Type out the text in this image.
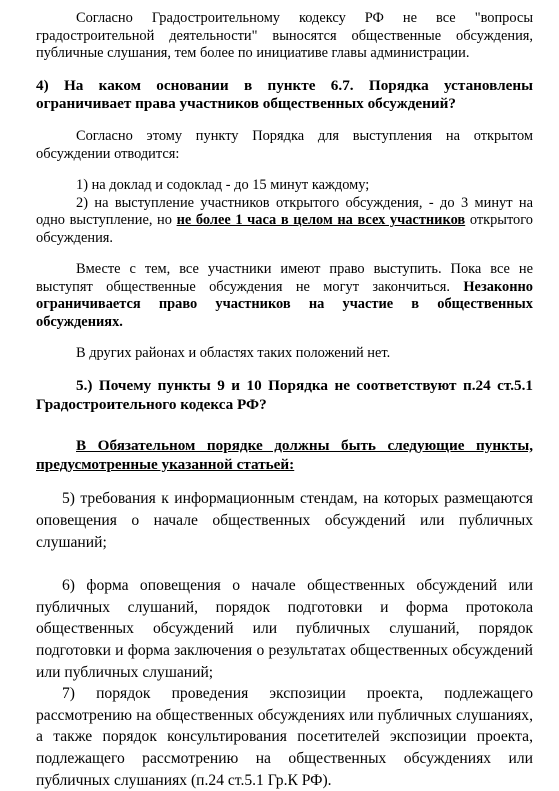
Согласно Градостроительному кодексу РФ не все "вопросы градостроительной деятельности" выносятся общественные обсуждения, публичные слушания, тем более по инициативе главы администрации.

4) На каком основании в пункте 6.7. Порядка установлены ограничивает права участников общественных обсуждений?

Согласно этому пункту Порядка для выступления на открытом обсуждении отводится:

1) на доклад и содоклад - до 15 минут каждому;

2) на выступление участников открытого обсуждения, - до 3 минут на одно выступление, но не более 1 часа в целом на всех участников открытого обсуждения.

Вместе с тем, все участники имеют право выступить. Пока все не выступят общественные обсуждения не могут закончиться. Незаконно ограничивается право участников на участие в общественных обсуждениях.

В других районах и областях таких положений нет.

5.) Почему пункты 9 и 10 Порядка не соответствуют п.24 ст.5.1 Градостроительного кодекса РФ?

В Обязательном порядке должны быть следующие пункты, предусмотренные указанной статьей:

5) требования к информационным стендам, на которых размещаются оповещения о начале общественных обсуждений или публичных слушаний;

6) форма оповещения о начале общественных обсуждений или публичных слушаний, порядок подготовки и форма протокола общественных обсуждений или публичных слушаний, порядок подготовки и форма заключения о результатах общественных обсуждений или публичных слушаний;

7) порядок проведения экспозиции проекта, подлежащего рассмотрению на общественных обсуждениях или публичных слушаниях, а также порядок консультирования посетителей экспозиции проекта, подлежащего рассмотрению на общественных обсуждениях или публичных слушаниях (п.24 ст.5.1 Гр.К РФ).
